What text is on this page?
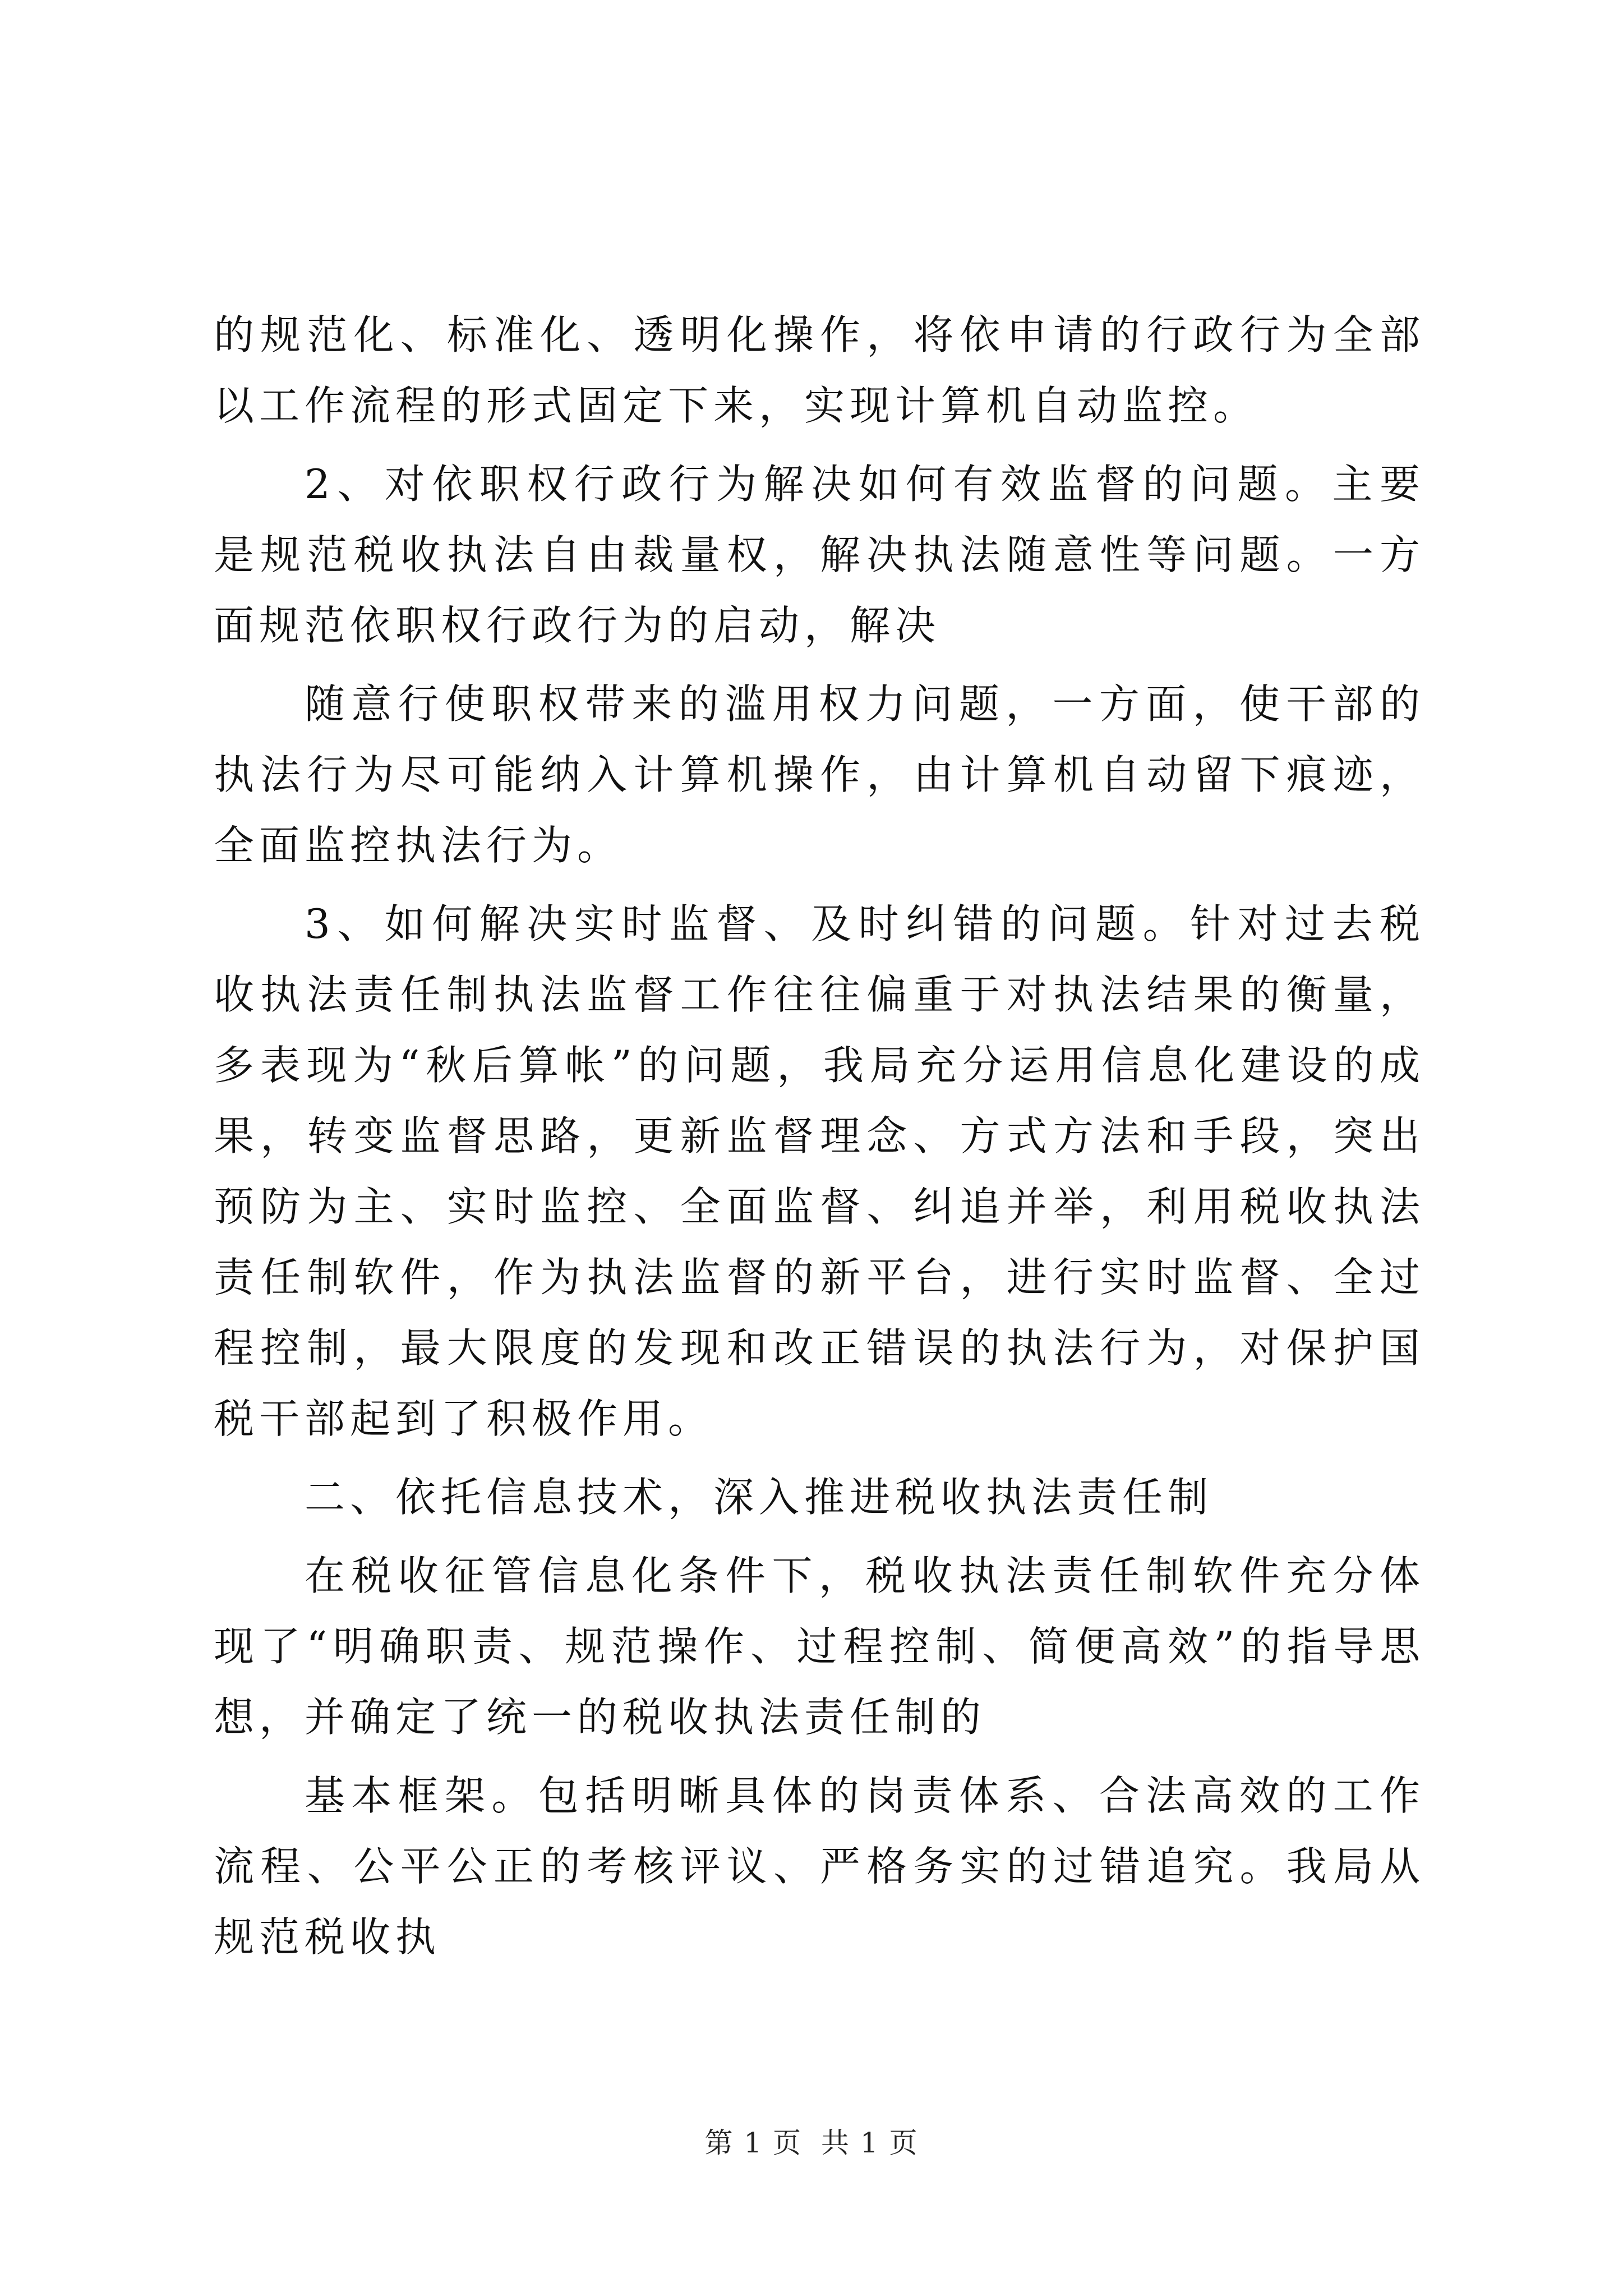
的规范化、标准化、透明化操作，将依申请的行政行为全部以工作流程的形式固定下来，实现计算机自动监控。

2、对依职权行政行为解决如何有效监督的问题。主要是规范税收执法自由裁量权，解决执法随意性等问题。一方面规范依职权行政行为的启动，解决

随意行使职权带来的滥用权力问题，一方面，使干部的执法行为尽可能纳入计算机操作，由计算机自动留下痕迹，全面监控执法行为。

3、如何解决实时监督、及时纠错的问题。针对过去税收执法责任制执法监督工作往往偏重于对执法结果的衡量，多表现为“秋后算帐”的问题，我局充分运用信息化建设的成果，转变监督思路，更新监督理念、方式方法和手段，突出预防为主、实时监控、全面监督、纠追并举，利用税收执法责任制软件，作为执法监督的新平台，进行实时监督、全过程控制，最大限度的发现和改正错误的执法行为，对保护国税干部起到了积极作用。

二、依托信息技术，深入推进税收执法责任制

在税收征管信息化条件下，税收执法责任制软件充分体现了“明确职责、规范操作、过程控制、简便高效”的指导思想，并确定了统一的税收执法责任制的

基本框架。包括明晰具体的岗责体系、合法高效的工作流程、公平公正的考核评议、严格务实的过错追究。我局从规范税收执

第 1 页 共 1 页
